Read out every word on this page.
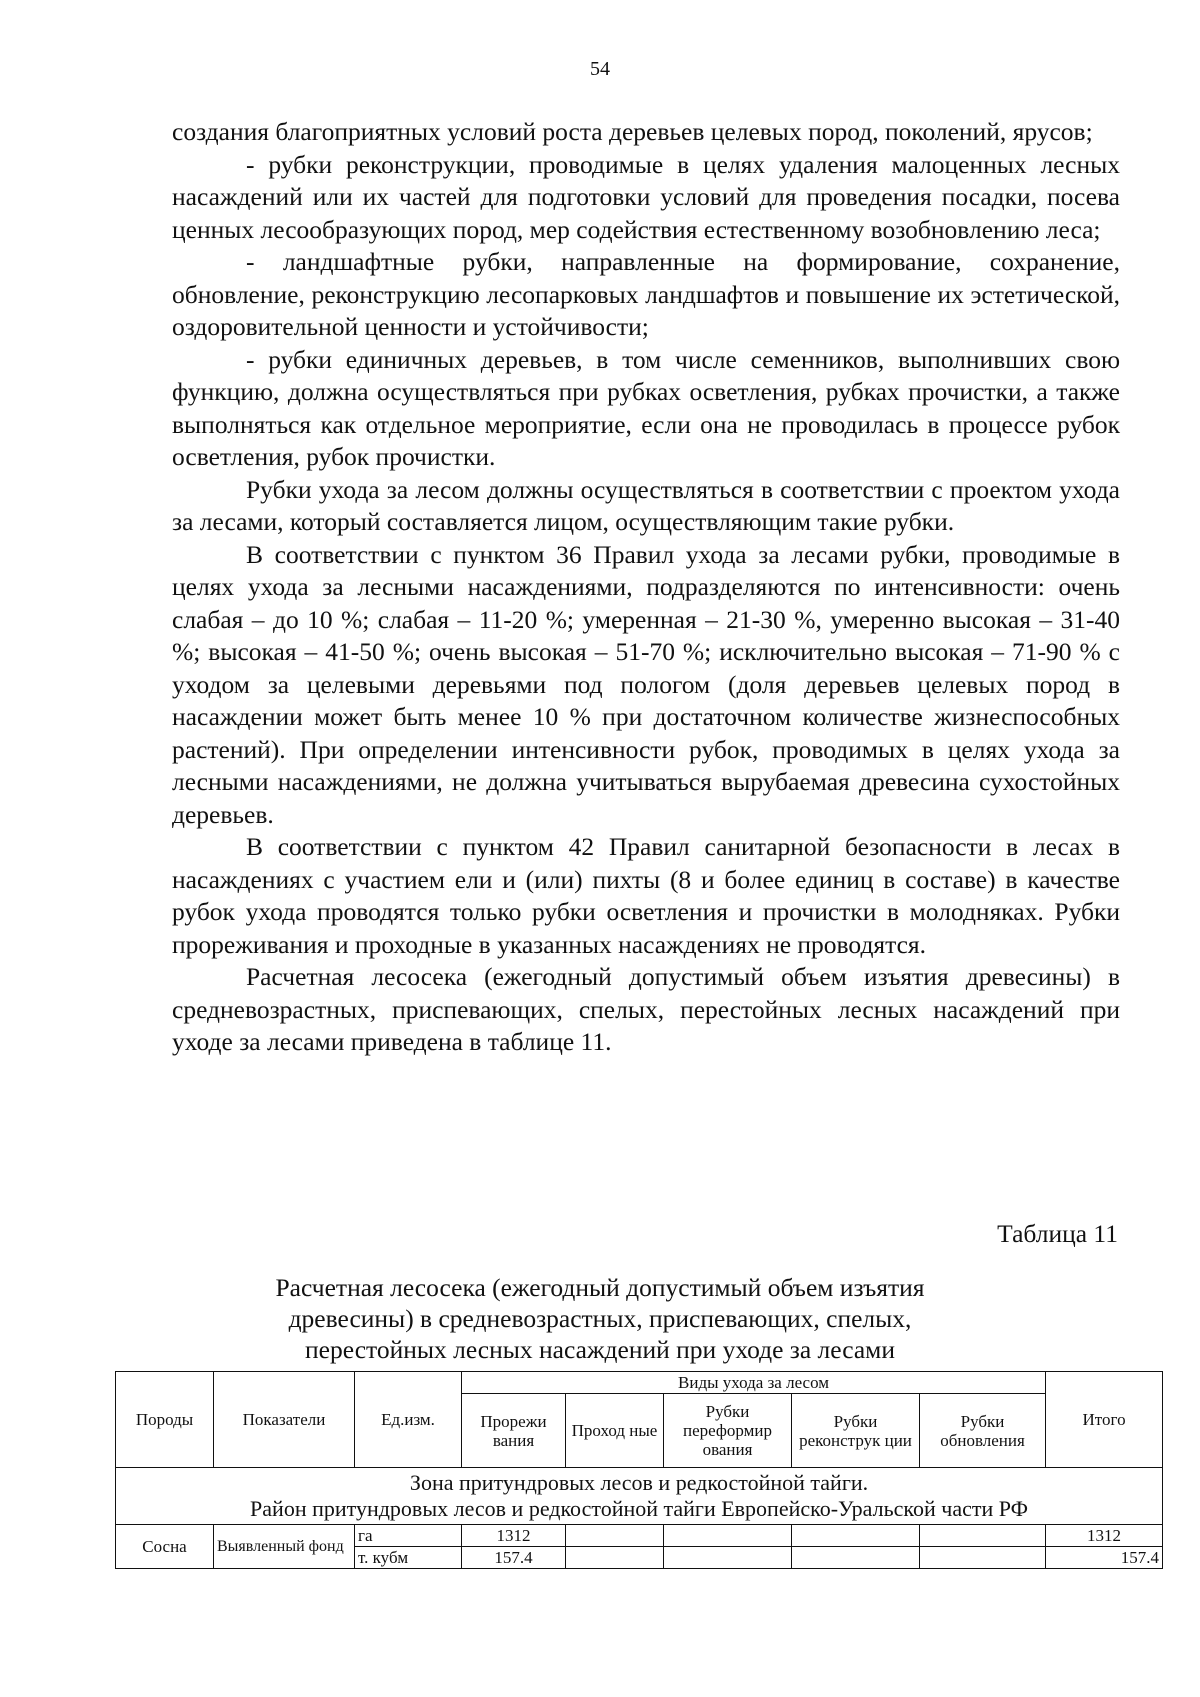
54

создания благоприятных условий роста деревьев целевых пород, поколений, ярусов;

- рубки реконструкции, проводимые в целях удаления малоценных лесных насаждений или их частей для подготовки условий для проведения посадки, посева ценных лесообразующих пород, мер содействия естественному возобновлению леса;

- ландшафтные рубки, направленные на формирование, сохранение, обновление, реконструкцию лесопарковых ландшафтов и повышение их эстетической, оздоровительной ценности и устойчивости;

- рубки единичных деревьев, в том числе семенников, выполнивших свою функцию, должна осуществляться при рубках осветления, рубках прочистки, а также выполняться как отдельное мероприятие, если она не проводилась в процессе рубок осветления, рубок прочистки.

Рубки ухода за лесом должны осуществляться в соответствии с проектом ухода за лесами, который составляется лицом, осуществляющим такие рубки.

В соответствии с пунктом 36 Правил ухода за лесами рубки, проводимые в целях ухода за лесными насаждениями, подразделяются по интенсивности: очень слабая – до 10 %; слабая – 11-20 %; умеренная – 21-30 %, умеренно высокая – 31-40 %; высокая – 41-50 %; очень высокая – 51-70 %; исключительно высокая – 71-90 % с уходом за целевыми деревьями под пологом (доля деревьев целевых пород в насаждении может быть менее 10 % при достаточном количестве жизнеспособных растений). При определении интенсивности рубок, проводимых в целях ухода за лесными насаждениями, не должна учитываться вырубаемая древесина сухостойных деревьев.

В соответствии с пунктом 42 Правил санитарной безопасности в лесах в насаждениях с участием ели и (или) пихты (8 и более единиц в составе) в качестве рубок ухода проводятся только рубки осветления и прочистки в молодняках. Рубки прореживания и проходные в указанных насаждениях не проводятся.

Расчетная лесосека (ежегодный допустимый объем изъятия древесины) в средневозрастных, приспевающих, спелых, перестойных лесных насаждений при уходе за лесами приведена в таблице 11.

Таблица 11
Расчетная лесосека (ежегодный допустимый объем изъятия древесины) в средневозрастных, приспевающих, спелых, перестойных лесных насаждений при уходе за лесами
Породы	Показатели	Ед.изм.	Виды ухода за лесом					Итого
			Прорежи вания	Проход ные	Рубки переформир ования	Рубки реконструк ции	Рубки обновления	

Зона притундровых лесов и редкостойной тайги.
Район притундровых лесов и редкостойной тайги Европейско-Уральской части РФ								

Сосна	Выявленный фонд	га	1312					1312
		т. кубм	157.4					157.4
